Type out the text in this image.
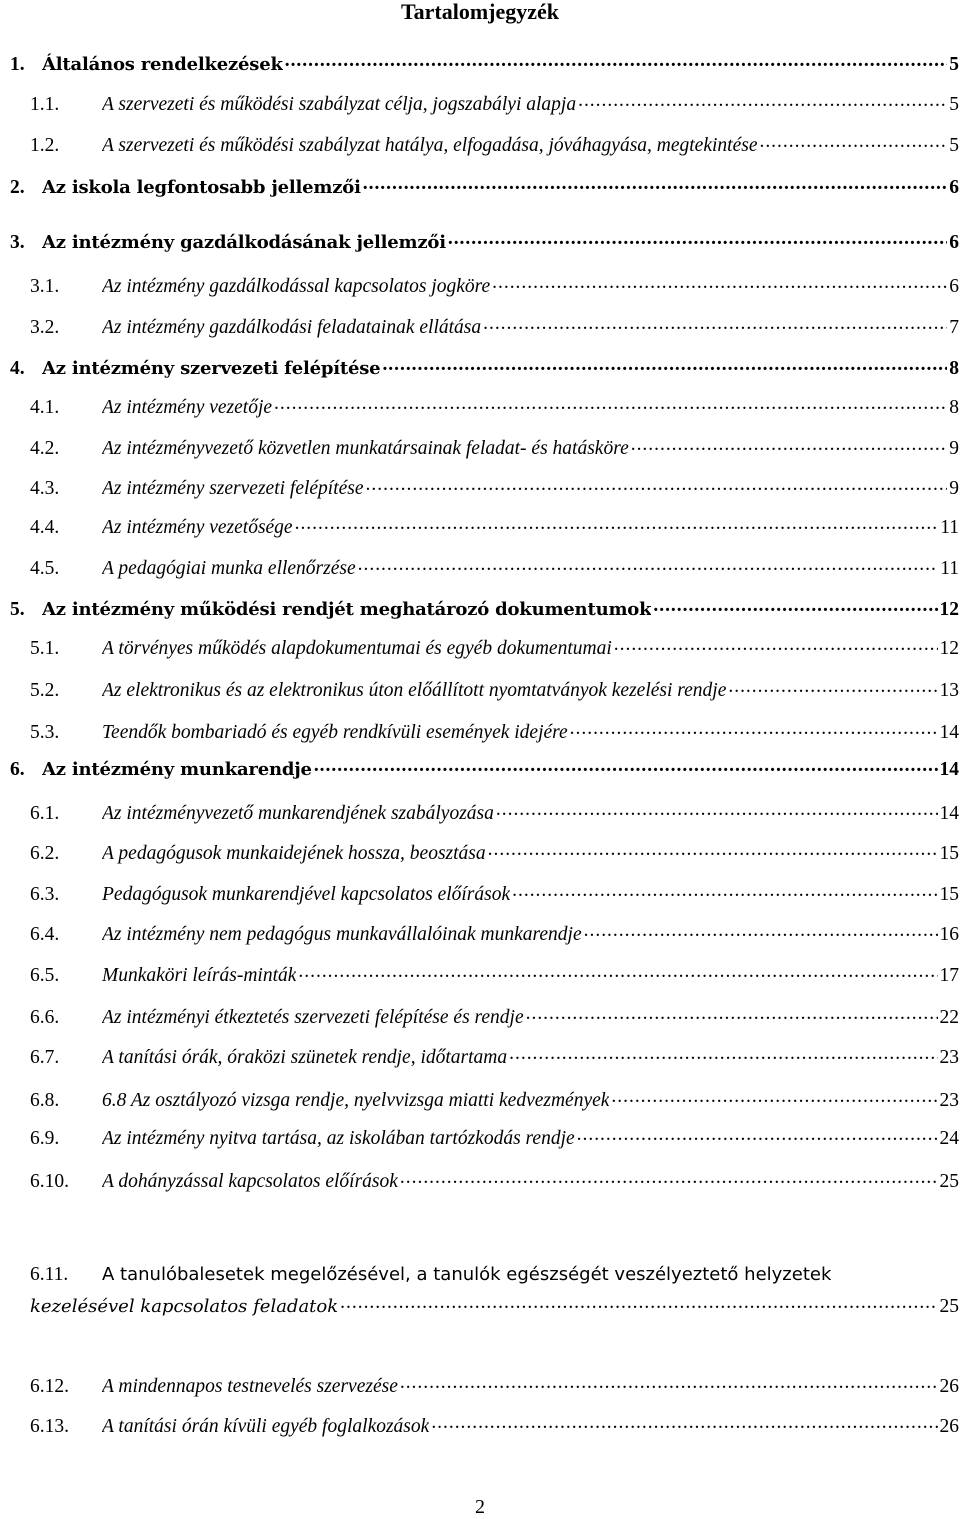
Tartalomjegyzék
1. Általános rendelkezések .....	5
1.1.	A szervezeti és működési szabályzat célja, jogszabályi alapja .....	5
1.2.	A szervezeti és működési szabályzat hatálya, elfogadása, jóváhagyása, megtekintése .....	5
2. Az iskola legfontosabb jellemzői .....	6
3. Az intézmény gazdálkodásának jellemzői .....	6
3.1.	Az intézmény gazdálkodással kapcsolatos jogköre .....	6
3.2.	Az intézmény gazdálkodási feladatainak ellátása .....	7
4. Az intézmény szervezeti felépítése .....	8
4.1.	Az intézmény vezetője .....	8
4.2.	Az intézményvezető közvetlen munkatársainak feladat- és hatásköre .....	9
4.3.	Az intézmény szervezeti felépítése .....	9
4.4.	Az intézmény vezetősége .....	11
4.5.	A pedagógiai munka ellenőrzése .....	11
5. Az intézmény működési rendjét meghatározó dokumentumok .....	12
5.1.	A törvényes működés alapdokumentumai és egyéb dokumentumai .....	12
5.2.	Az elektronikus és az elektronikus úton előállított nyomtatványok kezelési rendje .....	13
5.3.	Teendők bombariadó és egyéb rendkívüli események idejére .....	14
6. Az intézmény munkarendje .....	14
6.1.	Az intézményvezető munkarendjének szabályozása .....	14
6.2.	A pedagógusok munkaidejének hossza, beosztása .....	15
6.3.	Pedagógusok munkarendjével kapcsolatos előírások .....	15
6.4.	Az intézmény nem pedagógus munkavállalóinak munkarendje .....	16
6.5.	Munkaköri leírás-minták .....	17
6.6.	Az intézményi étkeztetés szervezeti felépítése és rendje .....	22
6.7.	A tanítási órák, óraközi szünetek rendje, időtartama .....	23
6.8.	6.8 Az osztályozó vizsga rendje, nyelvvizsga miatti kedvezmények .....	23
6.9.	Az intézmény nyitva tartása, az iskolában tartózkodás rendje .....	24
6.10.	A dohányzással kapcsolatos előírások .....	25
6.11.	A tanulóbalesetek megelőzésével, a tanulók egészségét veszélyeztető helyzetek
kezelésével kapcsolatos feladatok .....	25
6.12.	A mindennapos testnevelés szervezése .....	26
6.13.	A tanítási órán kívüli egyéb foglalkozások .....	26
2
